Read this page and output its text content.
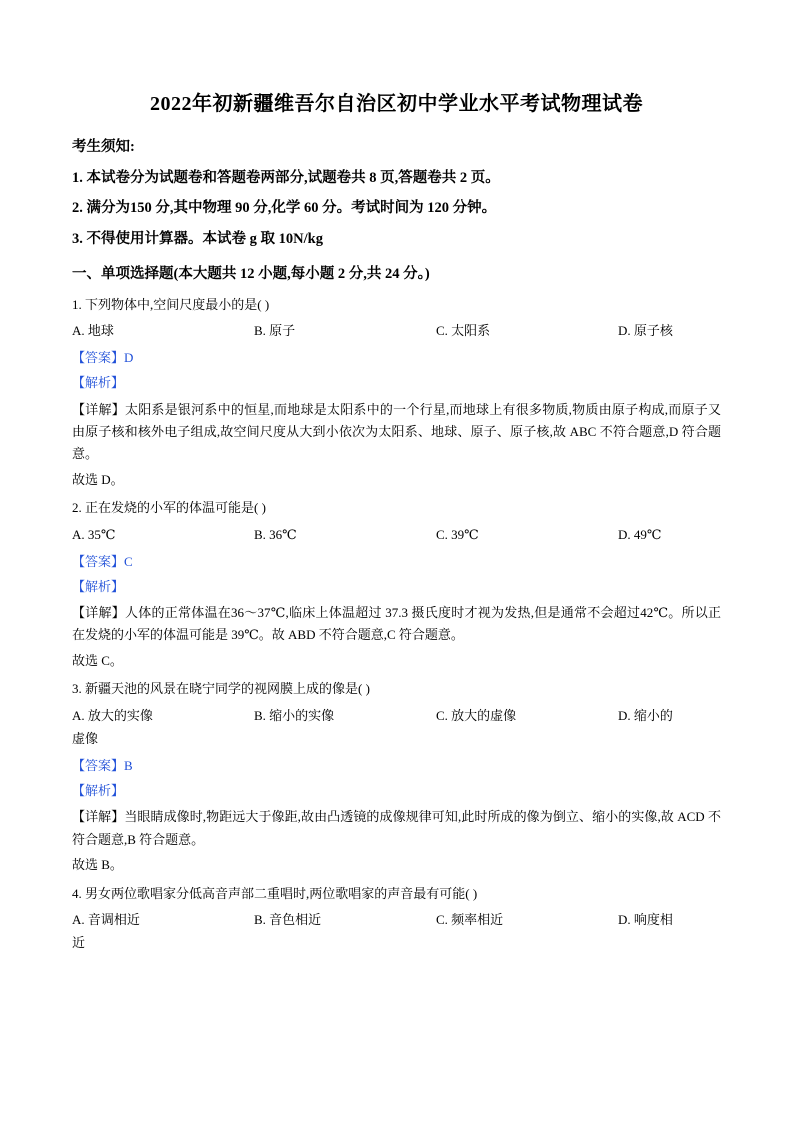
2022年初新疆维吾尔自治区初中学业水平考试物理试卷
考生须知:
1. 本试卷分为试题卷和答题卷两部分,试题卷共 8 页,答题卷共 2 页。
2. 满分为150 分,其中物理 90 分,化学 60 分。考试时间为 120 分钟。
3. 不得使用计算器。本试卷 g 取 10N/kg
一、单项选择题(本大题共 12 小题,每小题 2 分,共 24 分。)
1. 下列物体中,空间尺度最小的是( )
A. 地球	B. 原子	C. 太阳系	D. 原子核
【答案】D
【解析】
【详解】太阳系是银河系中的恒星,而地球是太阳系中的一个行星,而地球上有很多物质,物质由原子构成,而原子又由原子核和核外电子组成,故空间尺度从大到小依次为太阳系、地球、原子、原子核,故 ABC 不符合题意,D 符合题意。
故选 D。
2. 正在发烧的小军的体温可能是( )
A. 35℃	B. 36℃	C. 39℃	D. 49℃
【答案】C
【解析】
【详解】人体的正常体温在36～37℃,临床上体温超过 37.3 摄氏度时才视为发热,但是通常不会超过42℃。所以正在发烧的小军的体温可能是 39℃。故 ABD 不符合题意,C 符合题意。
故选 C。
3. 新疆天池的风景在晓宁同学的视网膜上成的像是( )
A. 放大的实像	B. 缩小的实像	C. 放大的虚像	D. 缩小的
虚像
【答案】B
【解析】
【详解】当眼睛成像时,物距远大于像距,故由凸透镜的成像规律可知,此时所成的像为倒立、缩小的实像,故 ACD 不符合题意,B 符合题意。
故选 B。
4. 男女两位歌唱家分低高音声部二重唱时,两位歌唱家的声音最有可能( )
A. 音调相近	B. 音色相近	C. 频率相近	D. 响度相
近
